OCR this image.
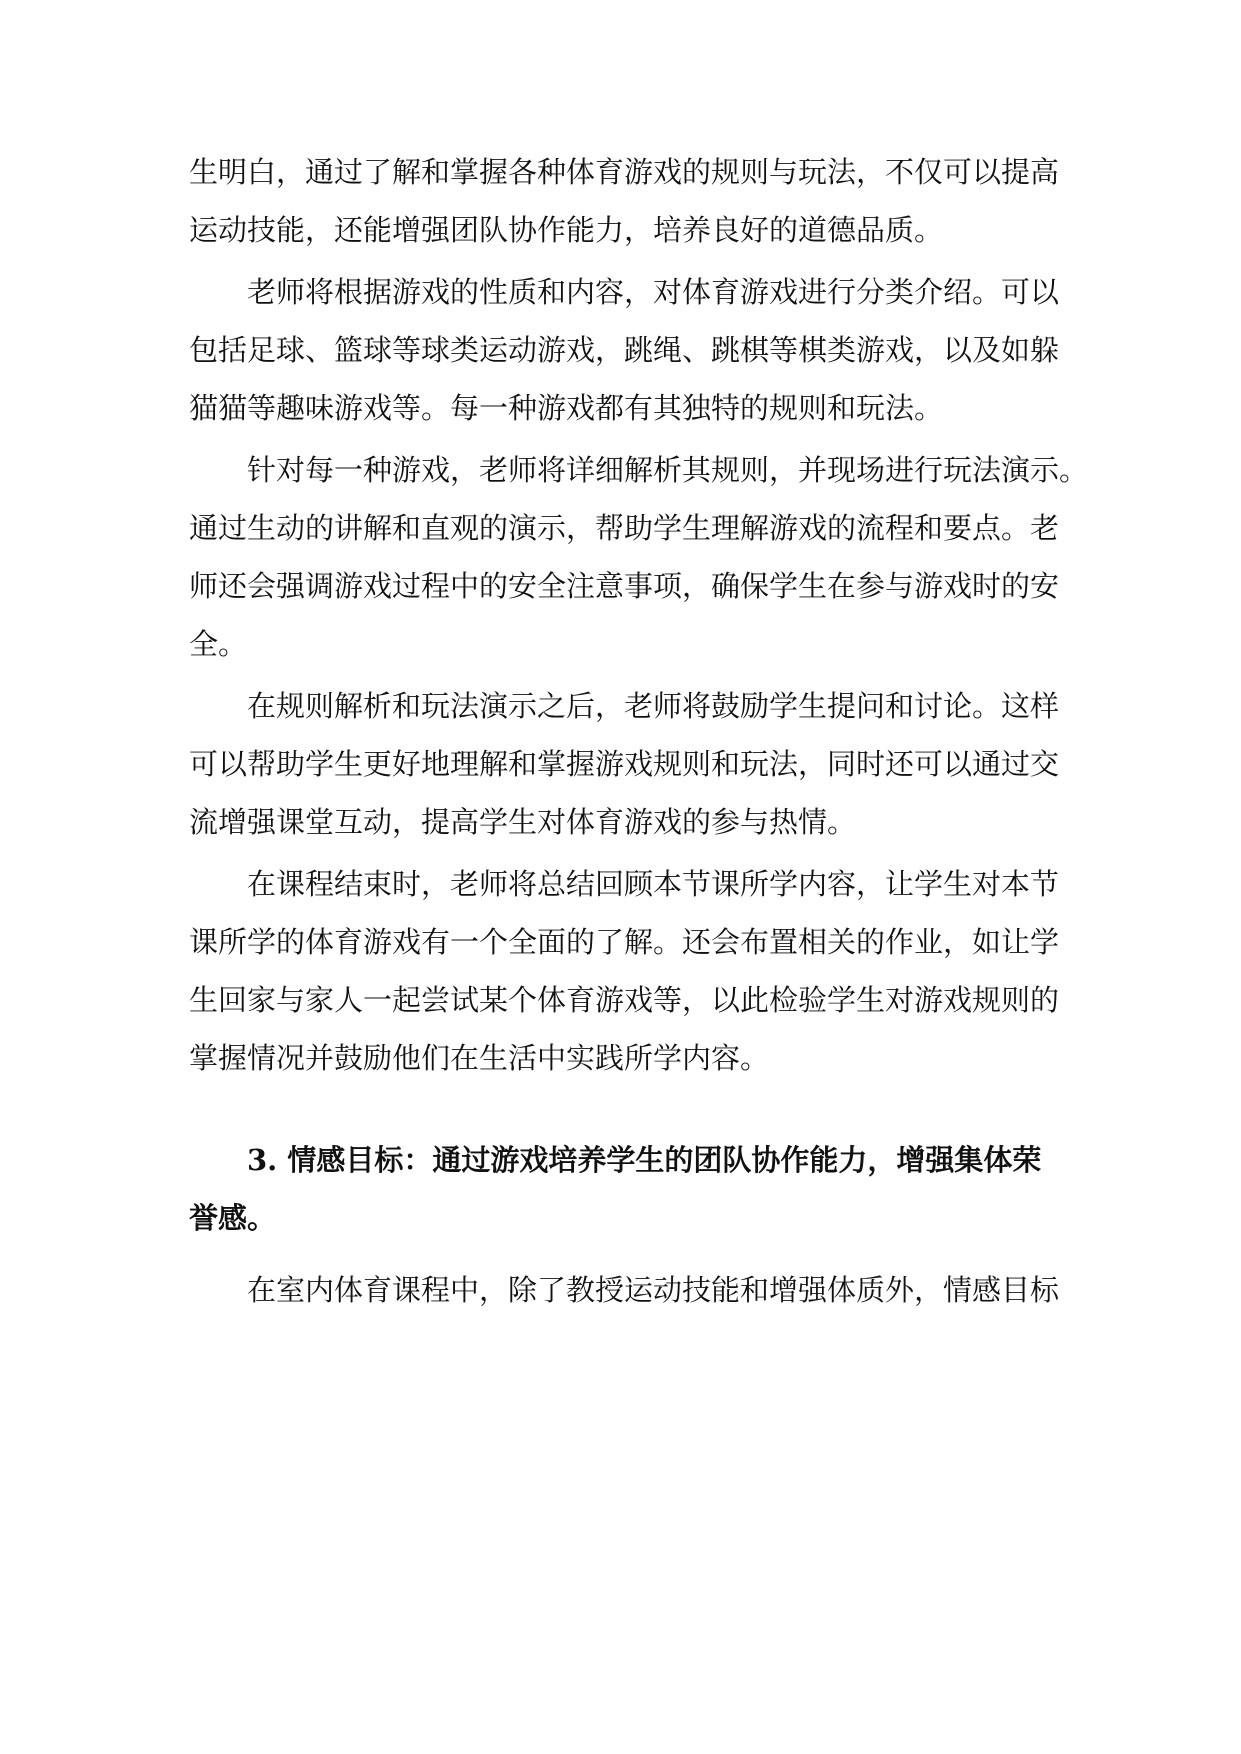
生明白，通过了解和掌握各种体育游戏的规则与玩法，不仅可以提高
运动技能，还能增强团队协作能力，培养良好的道德品质。
老师将根据游戏的性质和内容，对体育游戏进行分类介绍。可以
包括足球、篮球等球类运动游戏，跳绳、跳棋等棋类游戏，以及如躲
猫猫等趣味游戏等。每一种游戏都有其独特的规则和玩法。
针对每一种游戏，老师将详细解析其规则，并现场进行玩法演示。
通过生动的讲解和直观的演示，帮助学生理解游戏的流程和要点。老
师还会强调游戏过程中的安全注意事项，确保学生在参与游戏时的安
全。
在规则解析和玩法演示之后，老师将鼓励学生提问和讨论。这样
可以帮助学生更好地理解和掌握游戏规则和玩法，同时还可以通过交
流增强课堂互动，提高学生对体育游戏的参与热情。
在课程结束时，老师将总结回顾本节课所学内容，让学生对本节
课所学的体育游戏有一个全面的了解。还会布置相关的作业，如让学
生回家与家人一起尝试某个体育游戏等，以此检验学生对游戏规则的
掌握情况并鼓励他们在生活中实践所学内容。
3. 情感目标：通过游戏培养学生的团队协作能力，增强集体荣
誉感。
在室内体育课程中，除了教授运动技能和增强体质外，情感目标
